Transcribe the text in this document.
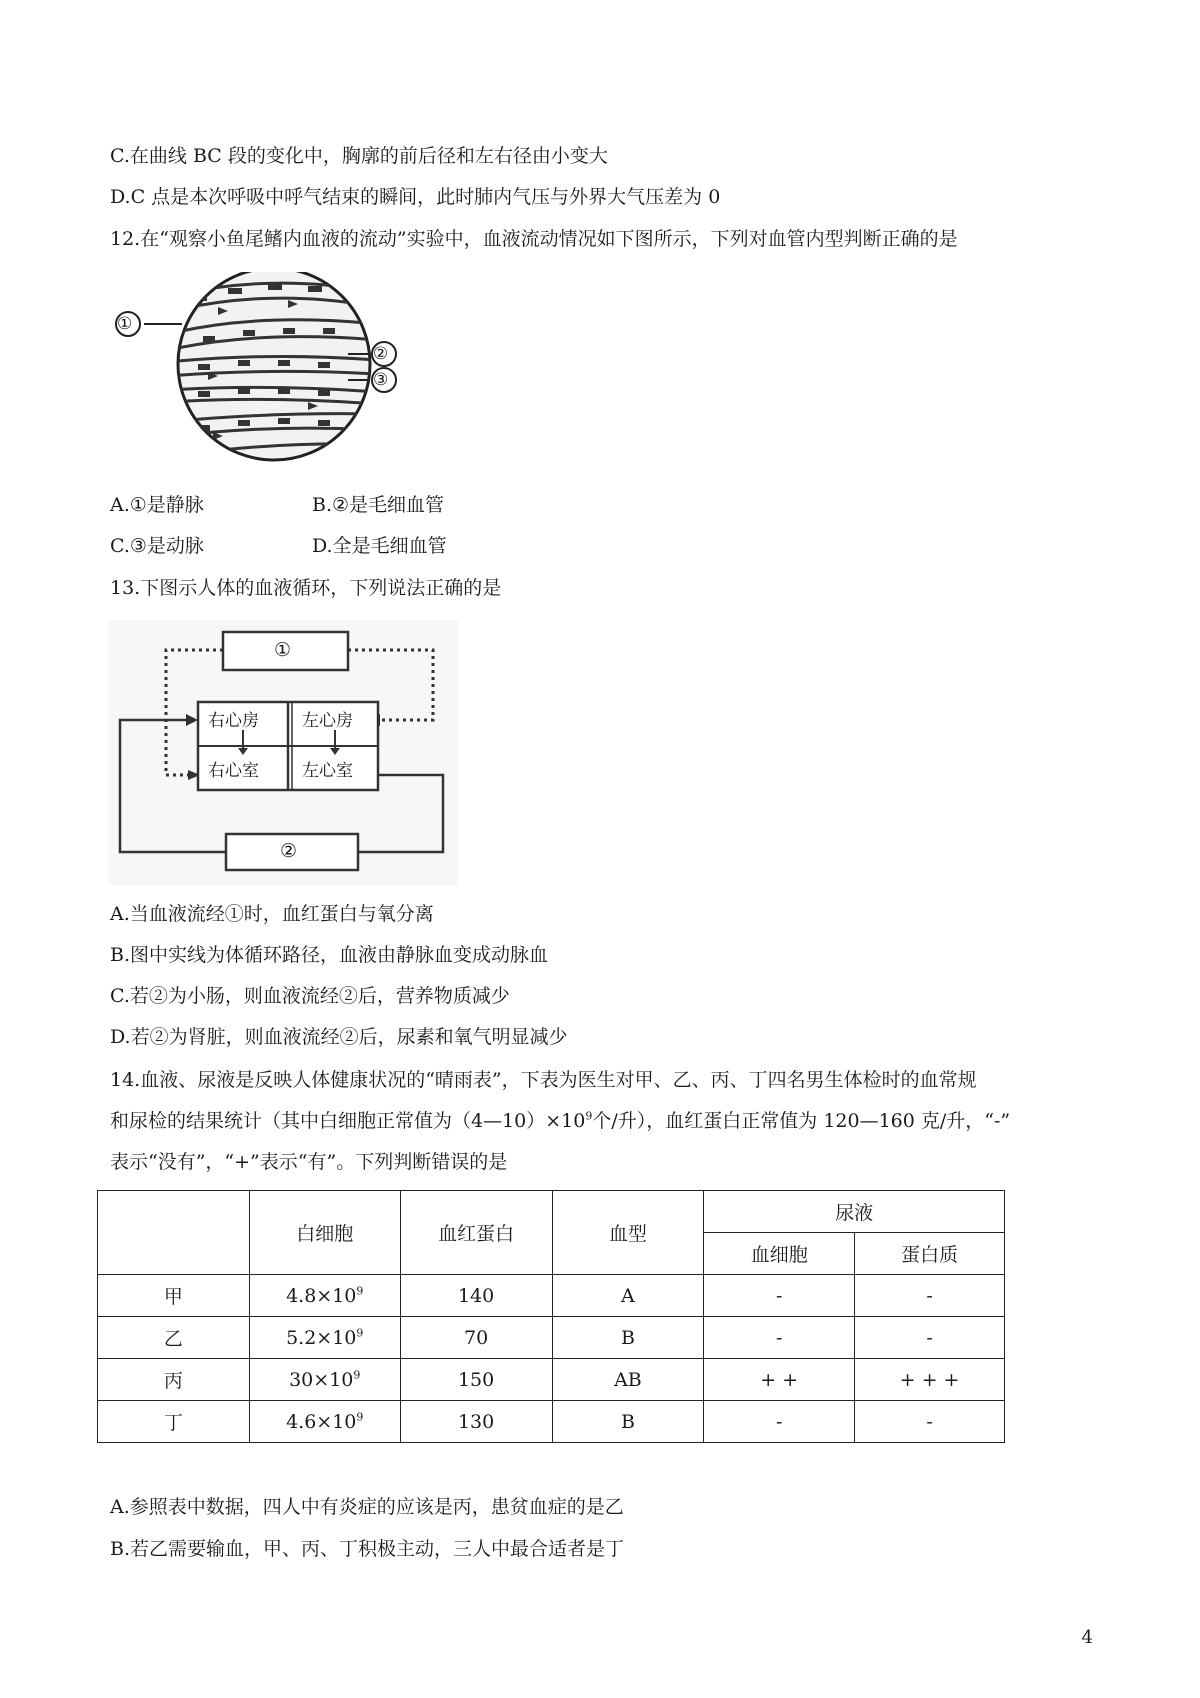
C.在曲线 BC 段的变化中，胸廓的前后径和左右径由小变大
D.C 点是本次呼吸中呼气结束的瞬间，此时肺内气压与外界大气压差为 0
12.在“观察小鱼尾鳍内血液的流动”实验中，血液流动情况如下图所示，下列对血管内型判断正确的是
①
②
③
A.①是静脉	B.②是毛细血管
C.③是动脉	D.全是毛细血管
13.下图示人体的血液循环，下列说法正确的是
①
②
右心房	左心房
右心室	左心室
A.当血液流经①时，血红蛋白与氧分离
B.图中实线为体循环路径，血液由静脉血变成动脉血
C.若②为小肠，则血液流经②后，营养物质减少
D.若②为肾脏，则血液流经②后，尿素和氧气明显减少
14.血液、尿液是反映人体健康状况的“晴雨表”，下表为医生对甲、乙、丙、丁四名男生体检时的血常规
和尿检的结果统计（其中白细胞正常值为$(4—10)\times 10^9$个/升），血红蛋白正常值为 120—160 克/升，“-”
表示“没有”，“+”表示“有”。下列判断错误的是
	白细胞	血红蛋白	血型	尿液	
				血细胞	蛋白质
甲	$4.8\times 10^9$	140	A	-	-
乙	$5.2\times 10^9$	70	B	-	-
丙	$30\times 10^9$	150	AB	+ +	+ + +
丁	$4.6\times 10^9$	130	B	-	-
A.参照表中数据，四人中有炎症的应该是丙，患贫血症的是乙
B.若乙需要输血，甲、丙、丁积极主动，三人中最合适者是丁
4
